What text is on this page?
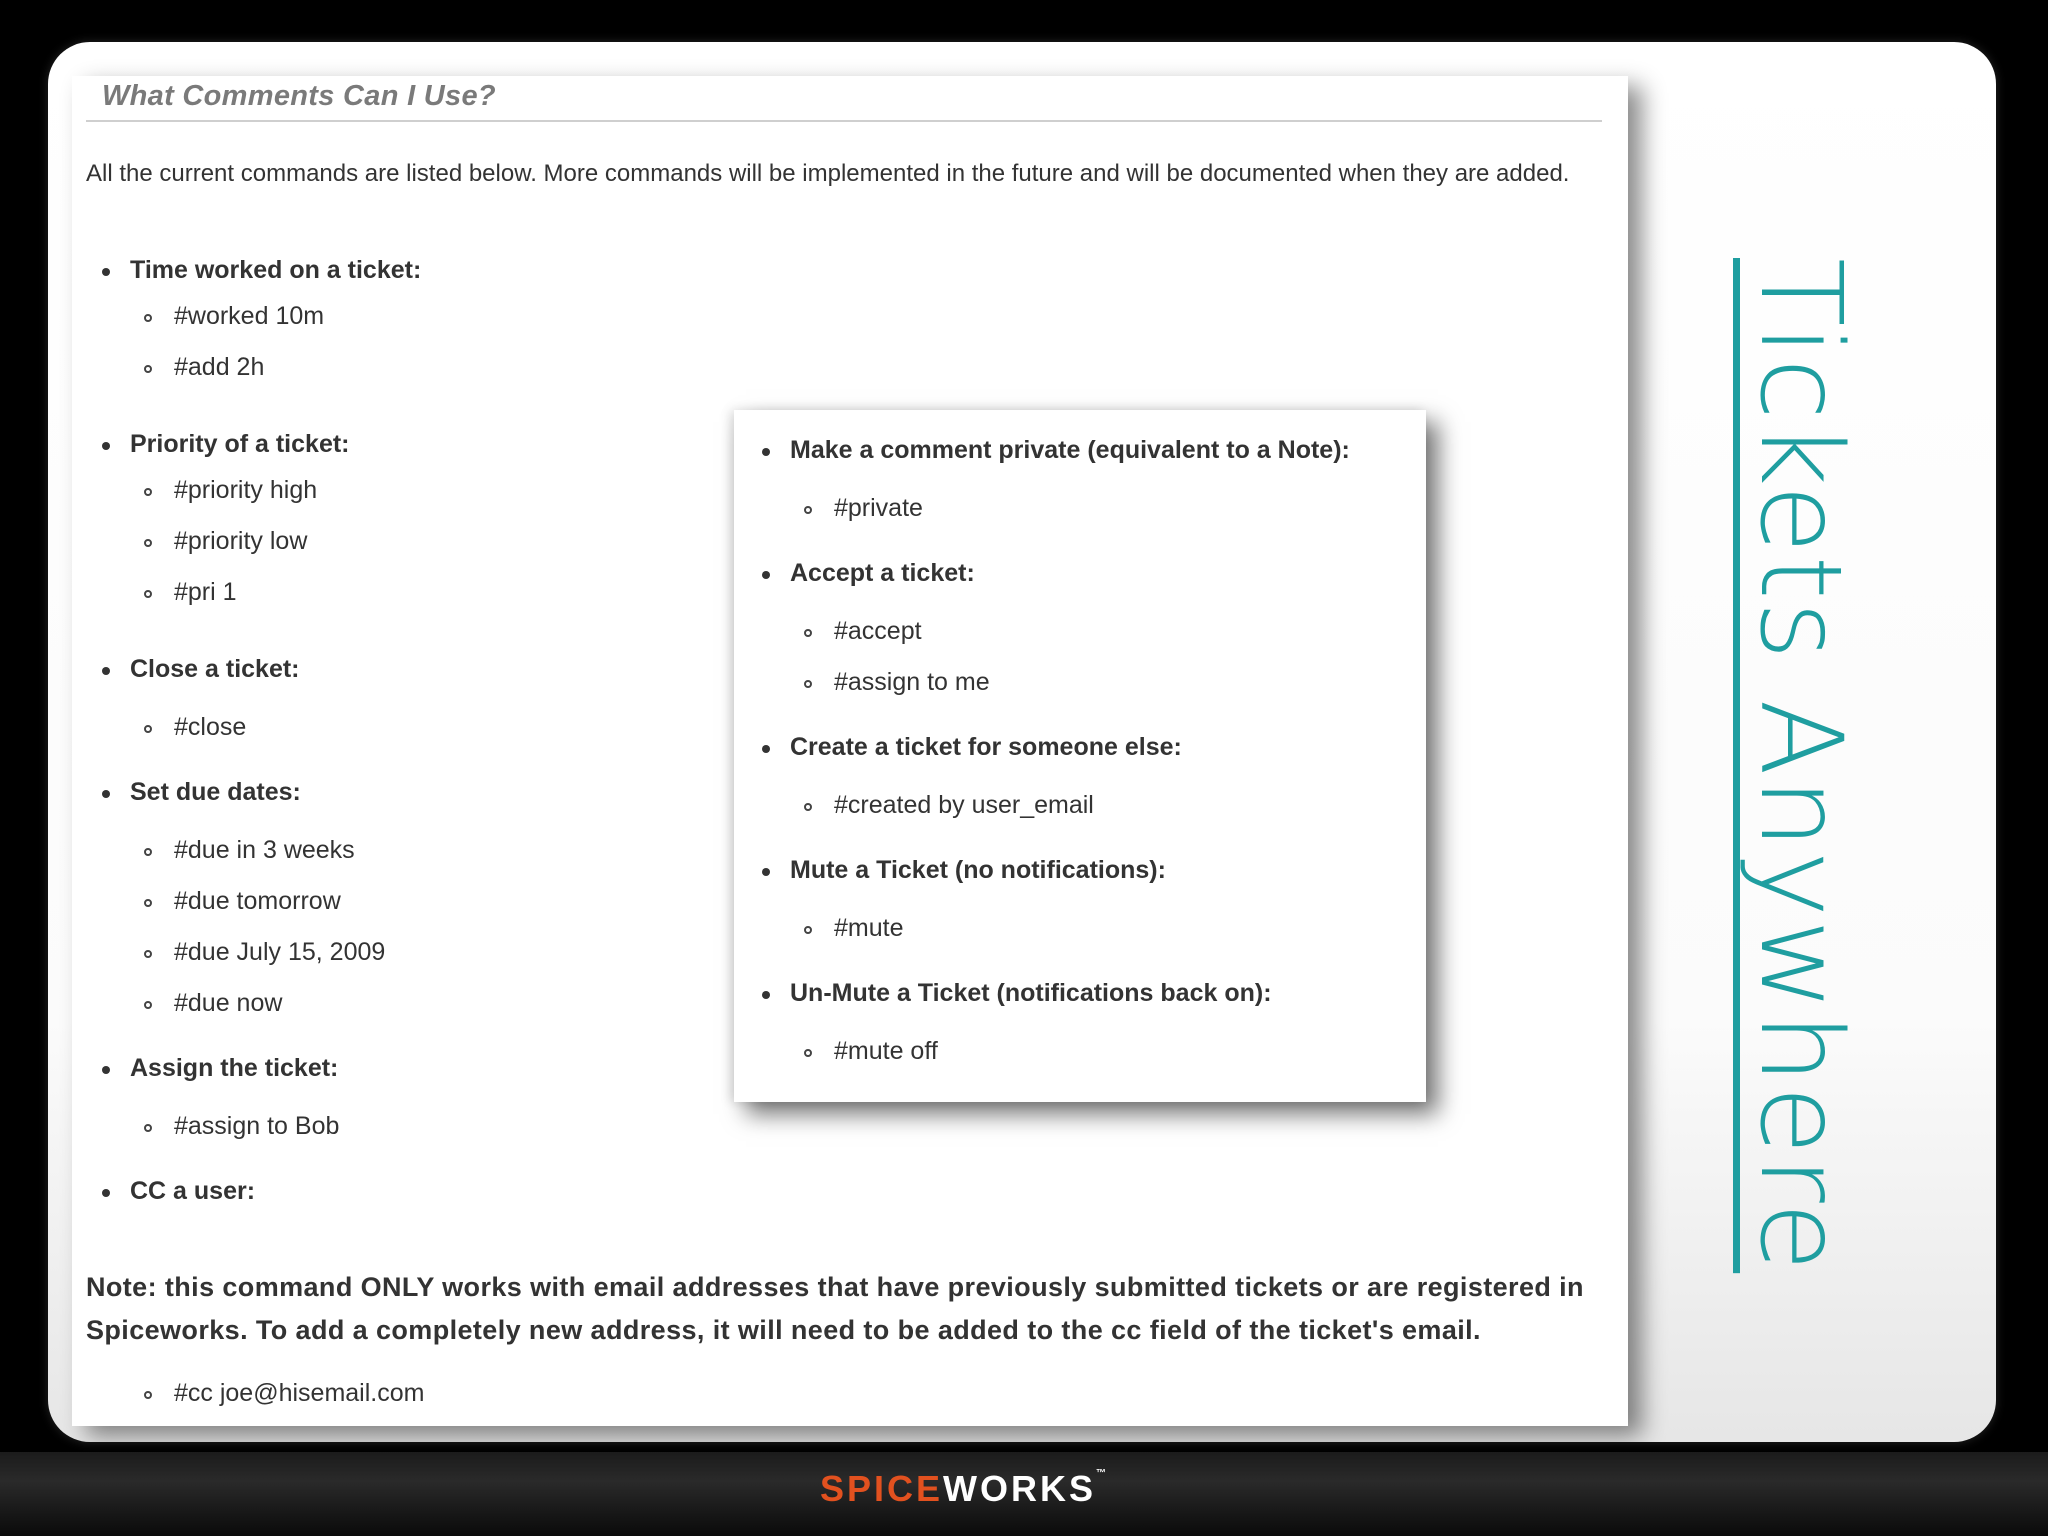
What Comments Can I Use?
All the current commands are listed below. More commands will be implemented in the future and will be documented when they are added.
Time worked on a ticket:
#worked 10m
#add 2h
Priority of a ticket:
#priority high
#priority low
#pri 1
Close a ticket:
#close
Set due dates:
#due in 3 weeks
#due tomorrow
#due July 15, 2009
#due now
Assign the ticket:
#assign to Bob
CC a user:
Note: this command ONLY works with email addresses that have previously submitted tickets or are registered in Spiceworks. To add a completely new address, it will need to be added to the cc field of the ticket's email.
#cc joe@hisemail.com
Make a comment private (equivalent to a Note):
#private
Accept a ticket:
#accept
#assign to me
Create a ticket for someone else:
#created by user_email
Mute a Ticket (no notifications):
#mute
Un-Mute a Ticket (notifications back on):
#mute off	Tickets Anywhere
SPICEWORKS™
